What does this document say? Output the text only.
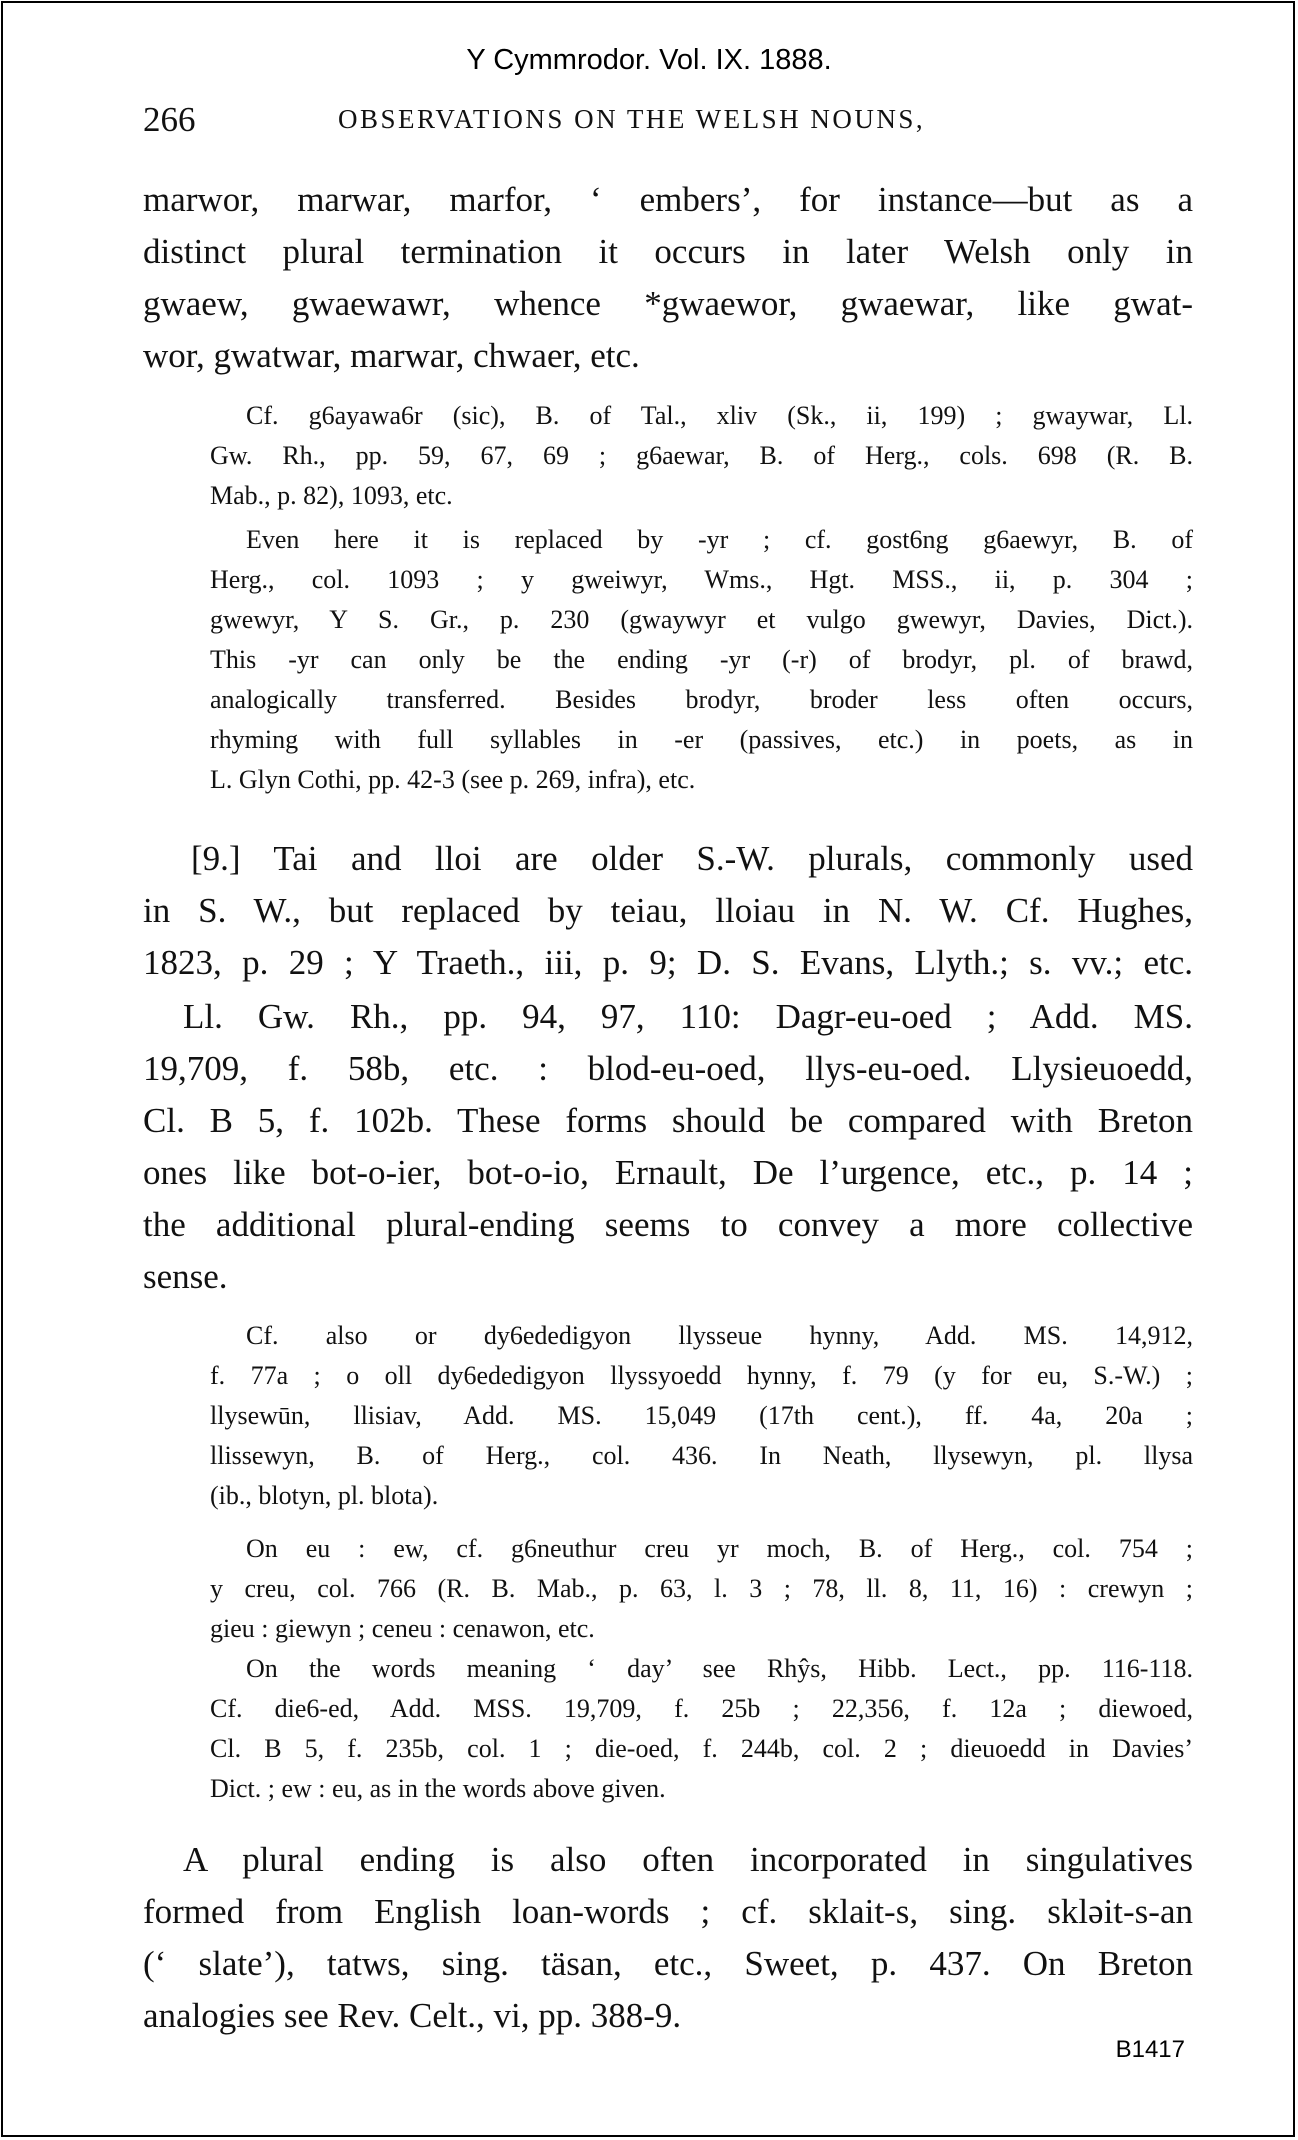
Y Cymmrodor. Vol. IX. 1888.
266	OBSERVATIONS ON THE WELSH NOUNS,
marwor, marwar, marfor, ‘ embers’, for instance—but as a
distinct plural termination it occurs in later Welsh only in
gwaew, gwaewawr, whence *gwaewor, gwaewar, like gwat-
wor, gwatwar, marwar, chwaer, etc.
Cf. g6ayawa6r (sic), B. of Tal., xliv (Sk., ii, 199) ; gwaywar, Ll.
Gw. Rh., pp. 59, 67, 69 ; g6aewar, B. of Herg., cols. 698 (R. B.
Mab., p. 82), 1093, etc.
Even here it is replaced by -yr ; cf. gost6ng g6aewyr, B. of
Herg., col. 1093 ; y gweiwyr, Wms., Hgt. MSS., ii, p. 304 ;
gwewyr, Y S. Gr., p. 230 (gwaywyr et vulgo gwewyr, Davies, Dict.).
This -yr can only be the ending -yr (-r) of brodyr, pl. of brawd,
analogically transferred. Besides brodyr, broder less often occurs,
rhyming with full syllables in -er (passives, etc.) in poets, as in
L. Glyn Cothi, pp. 42-3 (see p. 269, infra), etc.
[9.] Tai and lloi are older S.-W. plurals, commonly used
in S. W., but replaced by teiau, lloiau in N. W. Cf. Hughes,
1823, p. 29 ; Y Traeth., iii, p. 9; D. S. Evans, Llyth.; s. vv.; etc.
Ll. Gw. Rh., pp. 94, 97, 110: Dagr-eu-oed ; Add. MS.
19,709, f. 58b, etc. : blod-eu-oed, llys-eu-oed. Llysieuoedd,
Cl. B 5, f. 102b. These forms should be compared with Breton
ones like bot-o-ier, bot-o-io, Ernault, De l’urgence, etc., p. 14 ;
the additional plural-ending seems to convey a more collective
sense.
Cf. also or dy6ededigyon llysseue hynny, Add. MS. 14,912,
f. 77a ; o oll dy6ededigyon llyssyoedd hynny, f. 79 (y for eu, S.-W.) ;
llysewūn, llisiav, Add. MS. 15,049 (17th cent.), ff. 4a, 20a ;
llissewyn, B. of Herg., col. 436. In Neath, llysewyn, pl. llysa
(ib., blotyn, pl. blota).
On eu : ew, cf. g6neuthur creu yr moch, B. of Herg., col. 754 ;
y creu, col. 766 (R. B. Mab., p. 63, l. 3 ; 78, ll. 8, 11, 16) : crewyn ;
gieu : giewyn ; ceneu : cenawon, etc.
On the words meaning ‘ day’ see Rhŷs, Hibb. Lect., pp. 116-118.
Cf. die6-ed, Add. MSS. 19,709, f. 25b ; 22,356, f. 12a ; diewoed,
Cl. B 5, f. 235b, col. 1 ; die-oed, f. 244b, col. 2 ; dieuoedd in Davies’
Dict. ; ew : eu, as in the words above given.
A plural ending is also often incorporated in singulatives
formed from English loan-words ; cf. sklait-s, sing. skləit-s-an
(‘ slate’), tatws, sing. täsan, etc., Sweet, p. 437. On Breton
analogies see Rev. Celt., vi, pp. 388-9.
B1417
